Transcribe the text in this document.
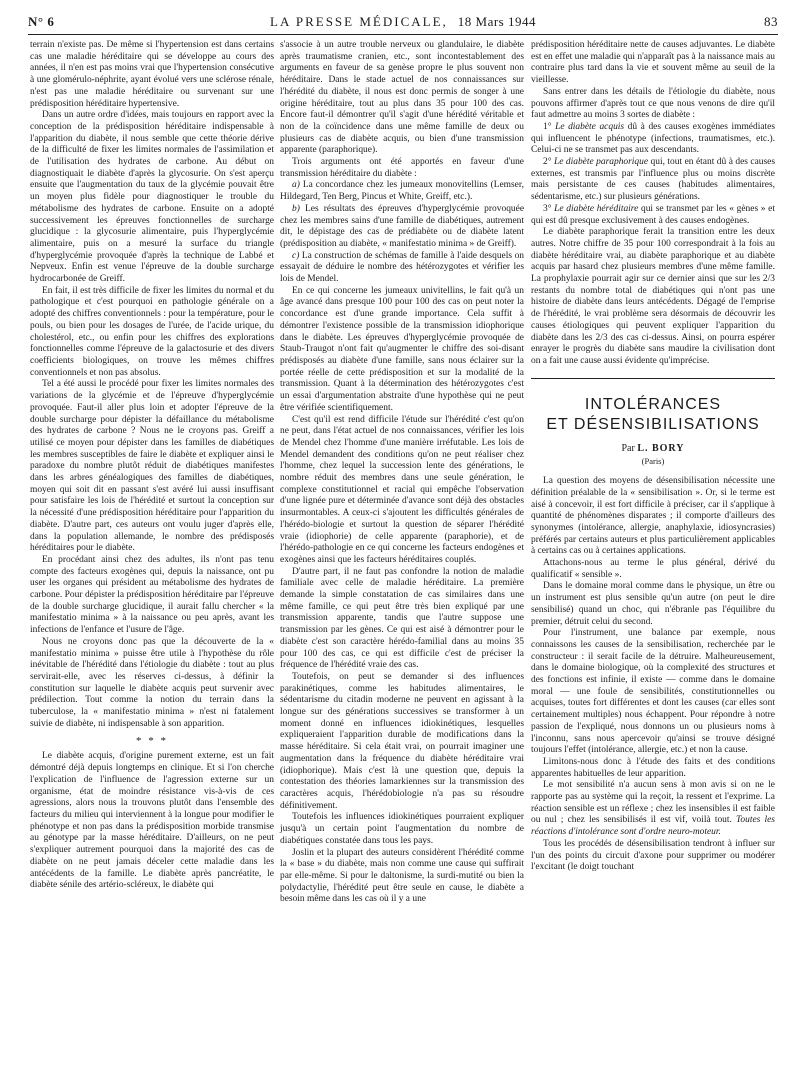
N° 6	LA PRESSE MÉDICALE, 18 Mars 1944	83

terrain n'existe pas. De même si l'hypertension est dans certains cas une maladie héréditaire qui se développe au cours des années, il n'en est pas moins vrai que l'hypertension consécutive à une glomérulo-néphrite, ayant évolué vers une sclérose rénale, n'est pas une maladie héréditaire ou survenant sur une prédisposition héréditaire hypertensive.

Dans un autre ordre d'idées, mais toujours en rapport avec la conception de la prédisposition héréditaire indispensable à l'apparition du diabète, il nous semble que cette théorie dérive de la difficulté de fixer les limites normales de l'assimilation et de l'utilisation des hydrates de carbone. Au début on diagnostiquait le diabète d'après la glycosurie. On s'est aperçu ensuite que l'augmentation du taux de la glycémie pouvait être un moyen plus fidèle pour diagnostiquer le trouble du métabolisme des hydrates de carbone. Ensuite on a adopté successivement les épreuves fonctionnelles de surcharge glucidique : la glycosurie alimentaire, puis l'hyperglycémie alimentaire, puis on a mesuré la surface du triangle d'hyperglycémie provoquée d'après la technique de Labbé et Nepveux. Enfin est venue l'épreuve de la double surcharge hydrocarbonée de Greiff.

En fait, il est très difficile de fixer les limites du normal et du pathologique et c'est pourquoi en pathologie générale on a adopté des chiffres conventionnels : pour la température, pour le pouls, ou bien pour les dosages de l'urée, de l'acide urique, du cholestérol, etc., ou enfin pour les chiffres des explorations fonctionnelles comme l'épreuve de la galactosurie et des divers coefficients biologiques, on trouve les mêmes chiffres conventionnels et non pas absolus.

Tel a été aussi le procédé pour fixer les limites normales des variations de la glycémie et de l'épreuve d'hyperglycémie provoquée. Faut-il aller plus loin et adopter l'épreuve de la double surcharge pour dépister la défaillance du métabolisme des hydrates de carbone ? Nous ne le croyons pas. Greiff a utilisé ce moyen pour dépister dans les familles de diabétiques les membres susceptibles de faire le diabète et expliquer ainsi le paradoxe du nombre plutôt réduit de diabétiques manifestes dans les arbres généalogiques des familles de diabétiques, moyen qui soit dit en passant s'est avéré lui aussi insuffisant pour satisfaire les lois de l'hérédité et surtout la conception sur la nécessité d'une prédisposition héréditaire pour l'apparition du diabète. D'autre part, ces auteurs ont voulu juger d'après elle, dans la population allemande, le nombre des prédisposés héréditaires pour le diabète.

En procédant ainsi chez des adultes, ils n'ont pas tenu compte des facteurs exogènes qui, depuis la naissance, ont pu user les organes qui président au métabolisme des hydrates de carbone. Pour dépister la prédisposition héréditaire par l'épreuve de la double surcharge glucidique, il aurait fallu chercher « la manifestatio minima » à la naissance ou peu après, avant les infections de l'enfance et l'usure de l'âge.

Nous ne croyons donc pas que la découverte de la « manifestatio minima » puisse être utile à l'hypothèse du rôle inévitable de l'hérédité dans l'étiologie du diabète : tout au plus servirait-elle, avec les réserves ci-dessus, à définir la constitution sur laquelle le diabète acquis peut survenir avec prédilection. Tout comme la notion du terrain dans la tuberculose, la « manifestatio minima » n'est ni fatalement suivie de diabète, ni indispensable à son apparition.

* * *

Le diabète acquis, d'origine purement externe, est un fait démontré déjà depuis longtemps en clinique. Et si l'on cherche l'explication de l'influence de l'agression externe sur un organisme, état de moindre résistance vis-à-vis de ces agressions, alors nous la trouvons plutôt dans l'ensemble des facteurs du milieu qui interviennent à la longue pour modifier le phénotype et non pas dans la prédisposition morbide transmise au génotype par la masse héréditaire. D'ailleurs, on ne peut s'expliquer autrement pourquoi dans la majorité des cas de diabète on ne peut jamais déceler cette maladie dans les antécédents de la famille. Le diabète après pancréatite, le diabète sénile des artério-scléreux, le diabète qui

s'associe à un autre trouble nerveux ou glandulaire, le diabète après traumatisme cranien, etc., sont incontestablement des arguments en faveur de sa genèse propre le plus souvent non héréditaire. Dans le stade actuel de nos connaissances sur l'hérédité du diabète, il nous est donc permis de songer à une origine héréditaire, tout au plus dans 35 pour 100 des cas. Encore faut-il démontrer qu'il s'agit d'une hérédité véritable et non de la coïncidence dans une même famille de deux ou plusieurs cas de diabète acquis, ou bien d'une transmission apparente (paraphorique).

Trois arguments ont été apportés en faveur d'une transmission héréditaire du diabète :

a) La concordance chez les jumeaux monovitellins (Lemser, Hildegard, Ten Berg, Pincus et White, Greiff, etc.).

b) Les résultats des épreuves d'hyperglycémie provoquée chez les membres sains d'une famille de diabétiques, autrement dit, le dépistage des cas de prédiabète ou de diabète latent (prédisposition au diabète, « manifestatio minima » de Greiff).

c) La construction de schémas de famille à l'aide desquels on essayait de déduire le nombre des hétérozygotes et vérifier les lois de Mendel.

En ce qui concerne les jumeaux univitellins, le fait qu'à un âge avancé dans presque 100 pour 100 des cas on peut noter la concordance est d'une grande importance. Cela suffit à démontrer l'existence possible de la transmission idiophorique dans le diabète. Les épreuves d'hyperglycémie provoquée de Staub-Traugot n'ont fait qu'augmenter le chiffre des soi-disant prédisposés au diabète d'une famille, sans nous éclairer sur la portée réelle de cette prédisposition et sur la modalité de la transmission. Quant à la détermination des hétérozygotes c'est un essai d'argumentation abstraite d'une hypothèse qui ne peut être vérifiée scientifiquement.

C'est qu'il est rend difficile l'étude sur l'hérédité c'est qu'on ne peut, dans l'état actuel de nos connaissances, vérifier les lois de Mendel chez l'homme d'une manière irréfutable. Les lois de Mendel demandent des conditions qu'on ne peut réaliser chez l'homme, chez lequel la succession lente des générations, le nombre réduit des membres dans une seule génération, le complexe constitutionnel et racial qui empêche l'observation d'une lignée pure et déterminée d'avance sont déjà des obstacles insurmontables. A ceux-ci s'ajoutent les difficultés générales de l'hérédo-biologie et surtout la question de séparer l'hérédité vraie (idiophorie) de celle apparente (paraphorie), et de l'hérédo-pathologie en ce qui concerne les facteurs endogènes et exogènes ainsi que les facteurs héréditaires couplés.

D'autre part, il ne faut pas confondre la notion de maladie familiale avec celle de maladie héréditaire. La première demande la simple constatation de cas similaires dans une même famille, ce qui peut être très bien expliqué par une transmission apparente, tandis que l'autre suppose une transmission par les gènes. Ce qui est aisé à démontrer pour le diabète c'est son caractère hérédo-familial dans au moins 35 pour 100 des cas, ce qui est difficile c'est de préciser la fréquence de l'hérédité vraie des cas.

Toutefois, on peut se demander si des influences parakinétiques, comme les habitudes alimentaires, le sédentarisme du citadin moderne ne peuvent en agissant à la longue sur des générations successives se transformer à un moment donné en influences idiokinétiques, lesquelles expliqueraient l'apparition durable de modifications dans la masse héréditaire. Si cela était vrai, on pourrait imaginer une augmentation dans la fréquence du diabète héréditaire vrai (idiophorique). Mais c'est là une question que, depuis la contestation des théories lamarkiennes sur la transmission des caractères acquis, l'hérédobiologie n'a pas su résoudre définitivement.

Toutefois les influences idiokinétiques pourraient expliquer jusqu'à un certain point l'augmentation du nombre de diabétiques constatée dans tous les pays.

Joslin et la plupart des auteurs considèrent l'hérédité comme la « base » du diabète, mais non comme une cause qui suffirait par elle-même. Si pour le daltonisme, la surdi-mutité ou bien la polydactylie, l'hérédité peut être seule en cause, le diabète a besoin même dans les cas où il y a une

prédisposition héréditaire nette de causes adjuvantes. Le diabète est en effet une maladie qui n'apparaît pas à la naissance mais au contraire plus tard dans la vie et souvent même au seuil de la vieillesse.

Sans entrer dans les détails de l'étiologie du diabète, nous pouvons affirmer d'après tout ce que nous venons de dire qu'il faut admettre au moins 3 sortes de diabète :

1° Le diabète acquis dû à des causes exogènes immédiates qui influencent le phénotype (infections, traumatismes, etc.). Celui-ci ne se transmet pas aux descendants.

2° Le diabète paraphorique qui, tout en étant dû à des causes externes, est transmis par l'influence plus ou moins discrète mais persistante de ces causes (habitudes alimentaires, sédentarisme, etc.) sur plusieurs générations.

3° Le diabète héréditaire qui se transmet par les « gènes » et qui est dû presque exclusivement à des causes endogènes.

Le diabète paraphorique ferait la transition entre les deux autres. Notre chiffre de 35 pour 100 correspondrait à la fois au diabète héréditaire vrai, au diabète paraphorique et au diabète acquis par hasard chez plusieurs membres d'une même famille. La prophylaxie pourrait agir sur ce dernier ainsi que sur les 2/3 restants du nombre total de diabétiques qui n'ont pas une histoire de diabète dans leurs antécédents. Dégagé de l'emprise de l'hérédité, le vrai problème sera désormais de découvrir les causes étiologiques qui peuvent expliquer l'apparition du diabète dans les 2/3 des cas ci-dessus. Ainsi, on pourra espérer enrayer le progrès du diabète sans maudire la civilisation dont on a fait une cause aussi évidente qu'imprécise.

INTOLÉRANCES
ET DÉSENSIBILISATIONS
Par L. BORY
(Paris)

La question des moyens de désensibilisation nécessite une définition préalable de la « sensibilisation ». Or, si le terme est aisé à concevoir, il est fort difficile à préciser, car il s'applique à quantité de phénomènes disparates ; il comporte d'ailleurs des synonymes (intolérance, allergie, anaphylaxie, idiosyncrasies) préférés par certains auteurs et plus particulièrement applicables à certains cas ou à certaines applications.

Attachons-nous au terme le plus général, dérivé du qualificatif « sensible ».

Dans le domaine moral comme dans le physique, un être ou un instrument est plus sensible qu'un autre (on peut le dire sensibilisé) quand un choc, qui n'ébranle pas l'équilibre du premier, détruit celui du second.

Pour l'instrument, une balance par exemple, nous connaissons les causes de la sensibilisation, recherchée par le constructeur : il serait facile de la détruire. Malheureusement, dans le domaine biologique, où la complexité des structures et des fonctions est infinie, il existe — comme dans le domaine moral — une foule de sensibilités, constitutionnelles ou acquises, toutes fort différentes et dont les causes (car elles sont certainement multiples) nous échappent. Pour répondre à notre passion de l'expliqué, nous donnons un ou plusieurs noms à l'inconnu, sans nous apercevoir qu'ainsi se trouve désigné toujours l'effet (intolérance, allergie, etc.) et non la cause.

Limitons-nous donc à l'étude des faits et des conditions apparentes habituelles de leur apparition.

Le mot sensibilité n'a aucun sens à mon avis si on ne le rapporte pas au système qui la reçoit, la ressent et l'exprime. La réaction sensible est un réflexe ; chez les insensibles il est faible ou nul ; chez les sensibilisés il est vif, voilà tout. Toutes les réactions d'intolérance sont d'ordre neuro-moteur.

Tous les procédés de désensibilisation tendront à influer sur l'un des points du circuit d'axone pour supprimer ou modérer l'excitant (le doigt touchant
